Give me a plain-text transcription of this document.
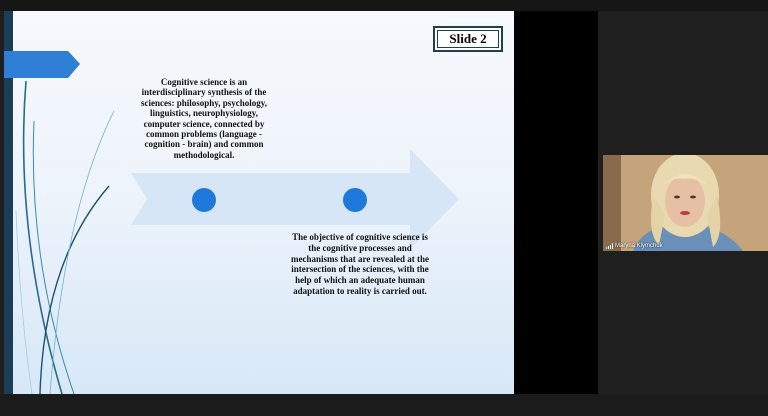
Slide 2
Cognitive science is an interdisciplinary synthesis of the sciences: philosophy, psychology, linguistics, neurophysiology, computer science, connected by common problems (language - cognition - brain) and common methodological.
The objective of cognitive science is the cognitive processes and mechanisms that are revealed at the intersection of the sciences, with the help of which an adequate human adaptation to reality is carried out.
Maryna Klymchuk
